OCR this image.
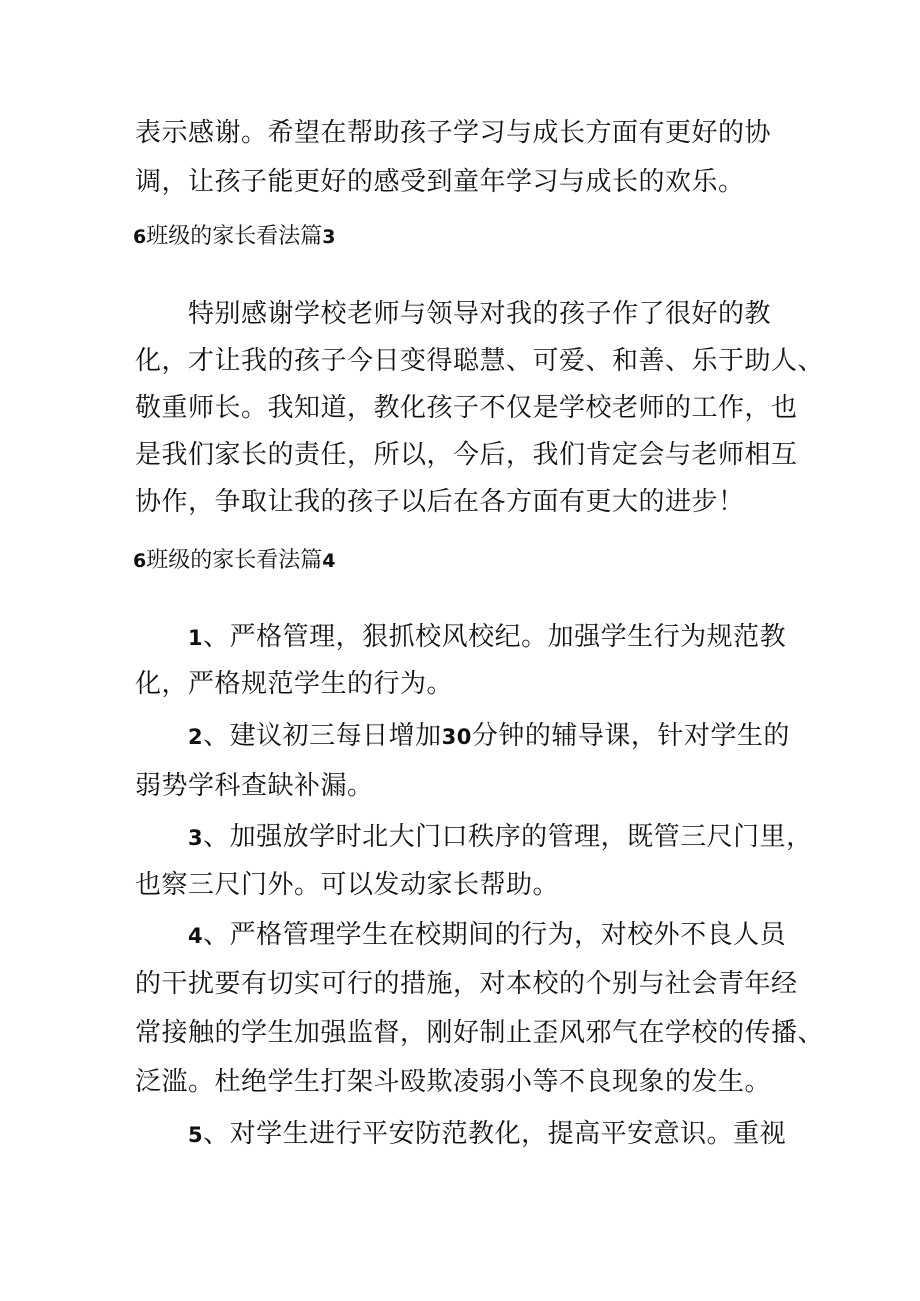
表示感谢。希望在帮助孩子学习与成长方面有更好的协
调，让孩子能更好的感受到童年学习与成长的欢乐。
6班级的家长看法篇3
特别感谢学校老师与领导对我的孩子作了很好的教
化，才让我的孩子今日变得聪慧、可爱、和善、乐于助人、
敬重师长。我知道，教化孩子不仅是学校老师的工作，也
是我们家长的责任，所以，今后，我们肯定会与老师相互
协作，争取让我的孩子以后在各方面有更大的进步！
6班级的家长看法篇4
1、严格管理，狠抓校风校纪。加强学生行为规范教
化，严格规范学生的行为。
2、建议初三每日增加30分钟的辅导课，针对学生的
弱势学科查缺补漏。
3、加强放学时北大门口秩序的管理，既管三尺门里，
也察三尺门外。可以发动家长帮助。
4、严格管理学生在校期间的行为，对校外不良人员
的干扰要有切实可行的措施，对本校的个别与社会青年经
常接触的学生加强监督，刚好制止歪风邪气在学校的传播、
泛滥。杜绝学生打架斗殴欺凌弱小等不良现象的发生。
5、对学生进行平安防范教化，提高平安意识。重视
